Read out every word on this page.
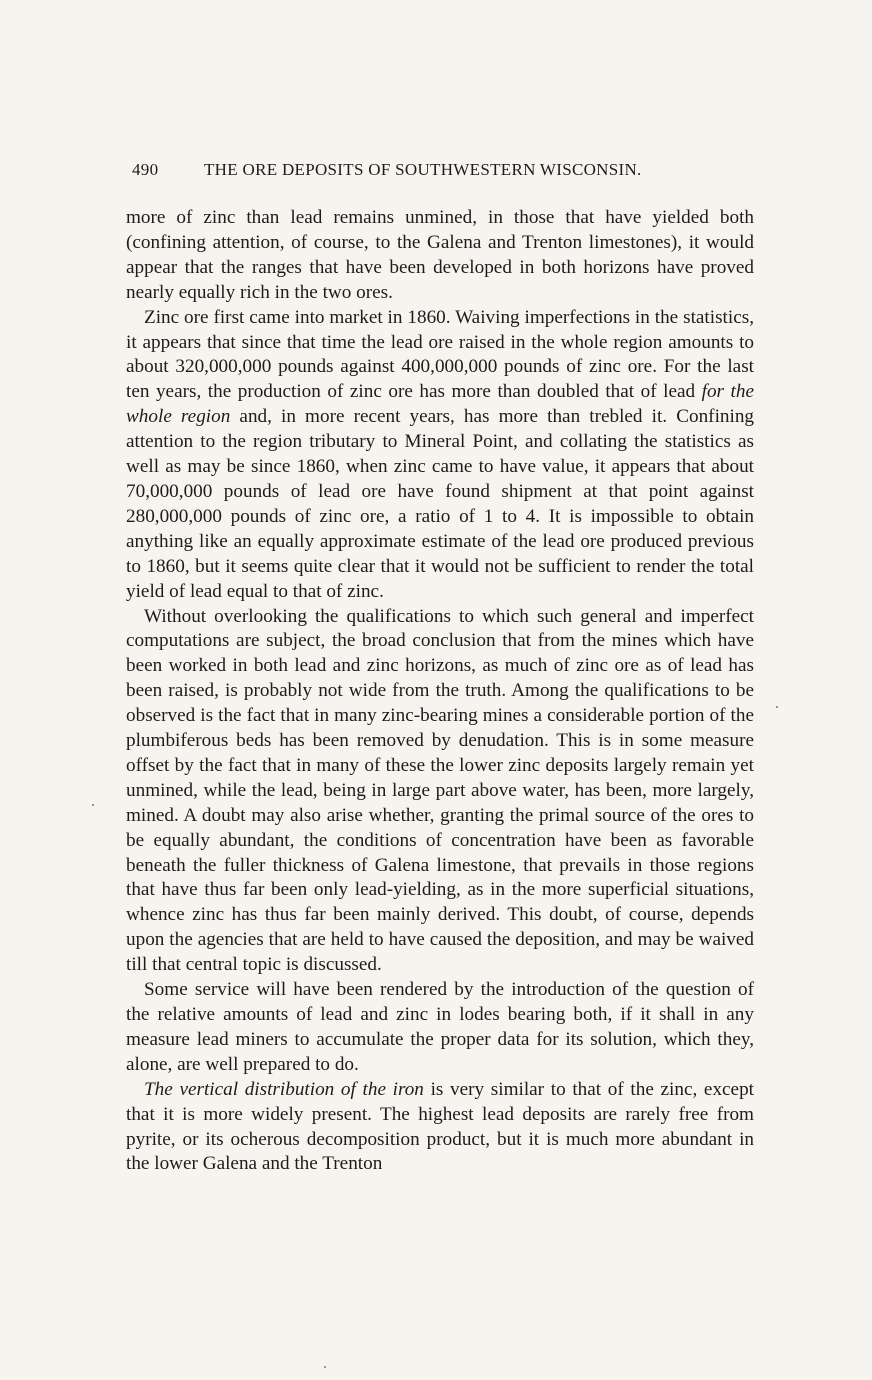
490	THE ORE DEPOSITS OF SOUTHWESTERN WISCONSIN.

more of zinc than lead remains unmined, in those that have yielded both (confining attention, of course, to the Galena and Trenton limestones), it would appear that the ranges that have been developed in both horizons have proved nearly equally rich in the two ores.

Zinc ore first came into market in 1860. Waiving imperfections in the statistics, it appears that since that time the lead ore raised in the whole region amounts to about 320,000,000 pounds against 400,000,000 pounds of zinc ore. For the last ten years, the production of zinc ore has more than doubled that of lead for the whole region and, in more recent years, has more than trebled it. Confining attention to the region tributary to Mineral Point, and collating the statistics as well as may be since 1860, when zinc came to have value, it appears that about 70,000,000 pounds of lead ore have found shipment at that point against 280,000,000 pounds of zinc ore, a ratio of 1 to 4. It is impossible to obtain anything like an equally approximate estimate of the lead ore produced previous to 1860, but it seems quite clear that it would not be sufficient to render the total yield of lead equal to that of zinc.

Without overlooking the qualifications to which such general and imperfect computations are subject, the broad conclusion that from the mines which have been worked in both lead and zinc horizons, as much of zinc ore as of lead has been raised, is probably not wide from the truth. Among the qualifications to be observed is the fact that in many zinc-bearing mines a considerable portion of the plumbiferous beds has been removed by denudation. This is in some measure offset by the fact that in many of these the lower zinc deposits largely remain yet unmined, while the lead, being in large part above water, has been, more largely, mined. A doubt may also arise whether, granting the primal source of the ores to be equally abundant, the conditions of concentration have been as favorable beneath the fuller thickness of Galena limestone, that prevails in those regions that have thus far been only lead-yielding, as in the more superficial situations, whence zinc has thus far been mainly derived. This doubt, of course, depends upon the agencies that are held to have caused the deposition, and may be waived till that central topic is discussed.

Some service will have been rendered by the introduction of the question of the relative amounts of lead and zinc in lodes bearing both, if it shall in any measure lead miners to accumulate the proper data for its solution, which they, alone, are well prepared to do.

The vertical distribution of the iron is very similar to that of the zinc, except that it is more widely present. The highest lead deposits are rarely free from pyrite, or its ocherous decomposition product, but it is much more abundant in the lower Galena and the Trenton
